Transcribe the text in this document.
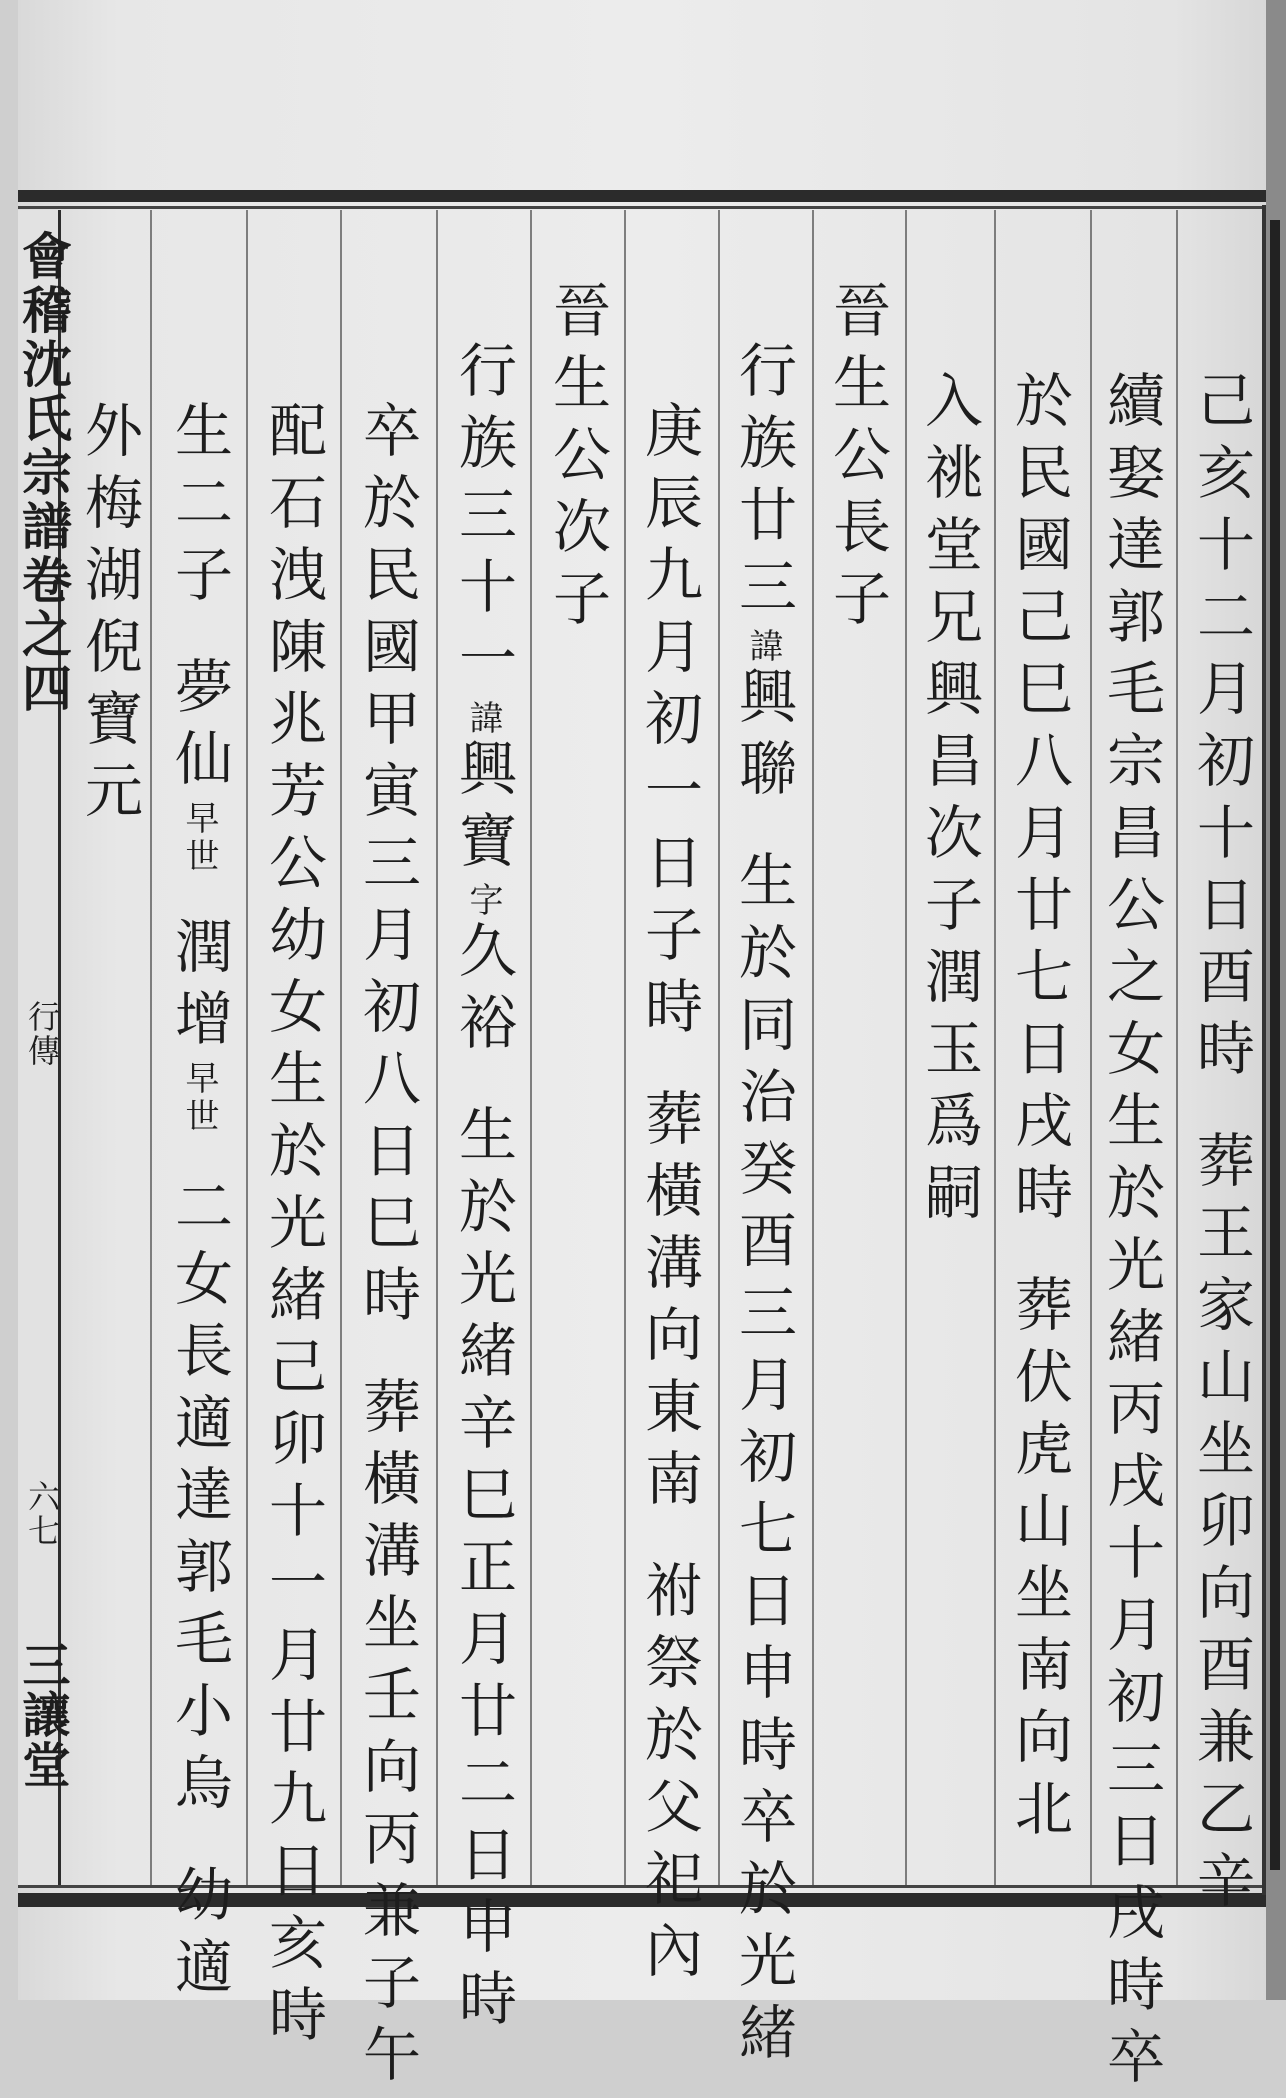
會稽沈氏宗譜卷之四
行傳
六七
三讓堂
己亥十二月初十日酉時葬王家山坐卯向酉兼乙辛
續娶達郭毛宗昌公之女生於光緒丙戌十月初三日戌時卒
於民國己巳八月廿七日戌時葬伏虎山坐南向北
入祧堂兄興昌次子潤玉爲嗣
晉生公長子
行族廿三諱興聯生於同治癸酉三月初七日申時卒於光緒
庚辰九月初一日子時葬橫溝向東南祔祭於父祀內
晉生公次子
行族三十一諱興寶字久裕生於光緒辛巳正月廿二日申時
卒於民國甲寅三月初八日巳時葬橫溝坐壬向丙兼子午
配石洩陳兆芳公幼女生於光緒己卯十一月廿九日亥時
生二子夢仙早世潤增早世二女長適達郭毛小烏幼適
外梅湖倪寶元
